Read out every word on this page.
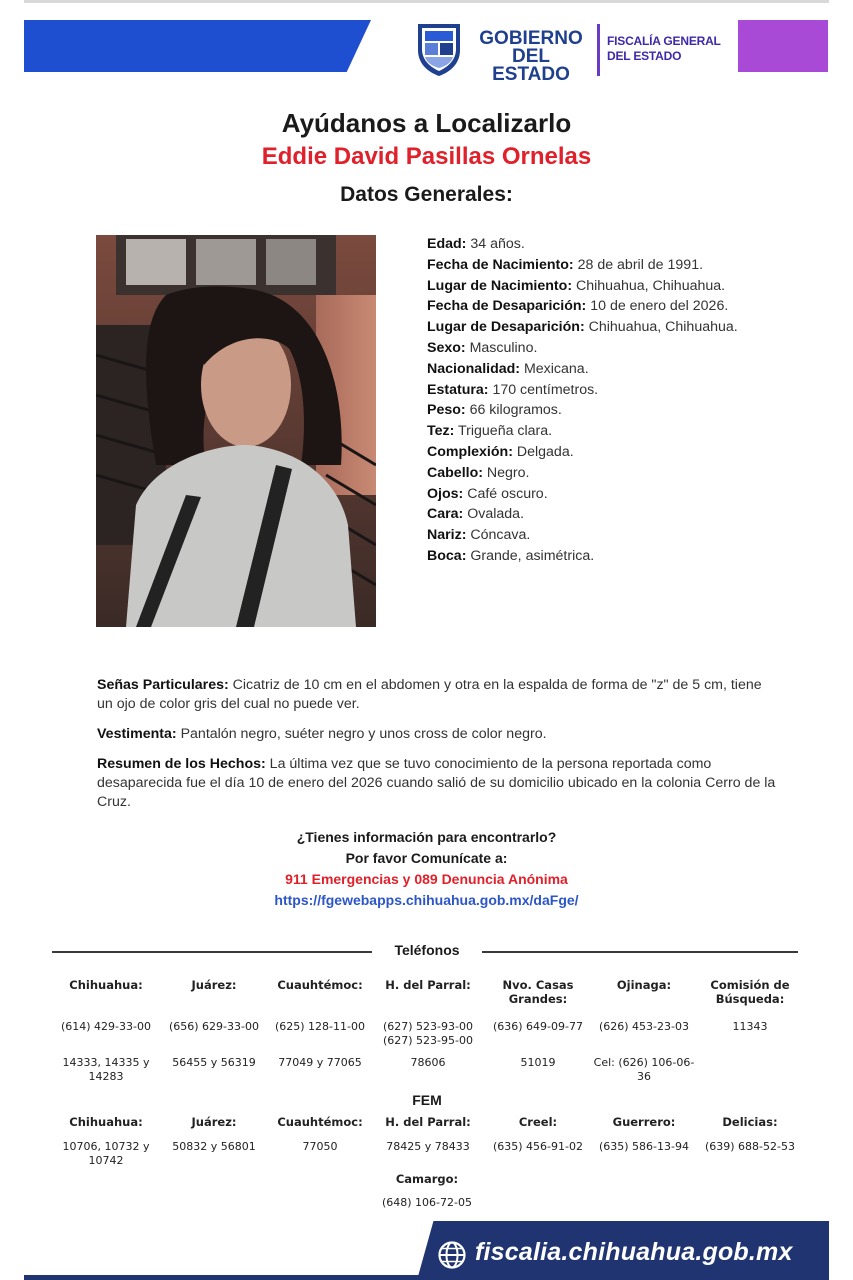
GOBIERNO
DEL ESTADO
FISCALÍA GENERAL
DEL ESTADO
Ayúdanos a Localizarlo
Eddie David Pasillas Ornelas
Datos Generales:
Edad: 34 años.
Fecha de Nacimiento: 28 de abril de 1991.
Lugar de Nacimiento: Chihuahua, Chihuahua.
Fecha de Desaparición: 10 de enero del 2026.
Lugar de Desaparición: Chihuahua, Chihuahua.
Sexo: Masculino.
Nacionalidad: Mexicana.
Estatura: 170 centímetros.
Peso: 66 kilogramos.
Tez: Trigueña clara.
Complexión: Delgada.
Cabello: Negro.
Ojos: Café oscuro.
Cara: Ovalada.
Nariz: Cóncava.
Boca: Grande, asimétrica.
Señas Particulares: Cicatriz de 10 cm en el abdomen y otra en la espalda de forma de "z" de 5 cm, tiene un ojo de color gris del cual no puede ver.
Vestimenta: Pantalón negro, suéter negro y unos cross de color negro.
Resumen de los Hechos: La última vez que se tuvo conocimiento de la persona reportada como desaparecida fue el día 10 de enero del 2026 cuando salió de su domicilio ubicado en la colonia Cerro de la Cruz.
¿Tienes información para encontrarlo?
Por favor Comunícate a:
911 Emergencias y 089 Denuncia Anónima
https://fgewebapps.chihuahua.gob.mx/daFge/
Teléfonos
Chihuahua:
(614) 429-33-00
14333, 14335 y 14283
Juárez:
(656) 629-33-00
56455 y 56319
Cuauhtémoc:
(625) 128-11-00
77049 y 77065
H. del Parral:
(627) 523-93-00 (627) 523-95-00
78606
Nvo. Casas Grandes:
(636) 649-09-77
51019
Ojinaga:
(626) 453-23-03
Cel: (626) 106-06-36
Comisión de Búsqueda:
11343
FEM
Chihuahua:
10706, 10732 y 10742
Juárez:
50832 y 56801
Cuauhtémoc:
77050
H. del Parral:
78425 y 78433
Creel:
(635) 456-91-02
Guerrero:
(635) 586-13-94
Delicias:
(639) 688-52-53
Camargo:
(648) 106-72-05
fiscalia.chihuahua.gob.mx
